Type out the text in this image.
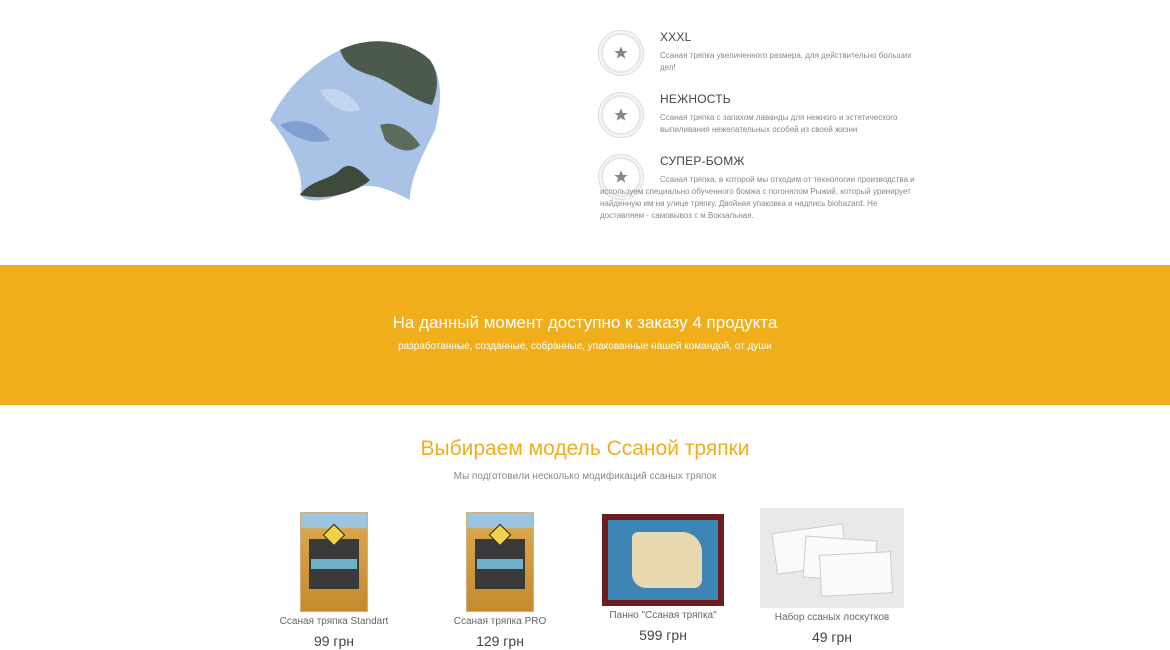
XXXL
Ссаная тряпка увеличенного размера, для действительно больших дел!
НЕЖНОСТЬ
Ссаная тряпка с запахом лаванды для нежного и эстетического выпиливания нежелательных особей из своей жизни
СУПЕР-БОМЖ
Ссаная тряпка, в которой мы отходим от технологии производства и используем специально обученного бомжа с погонялом Рыжий, который уринирует найденную им на улице тряпку. Двойная упаковка и надпись biohazard. Не доставляем - самовывоз с м.Вокзальная.
На данный момент доступно к заказу 4 продукта
разработанные, созданные, собранные, упакованные нашей командой, от души
Выбираем модель Ссаной тряпки
Мы подготовили несколько модификаций ссаных тряпок
Ссаная тряпка Standart
99 грн
Ссаная тряпка PRO
129 грн
Панно "Ссаная тряпка"
599 грн
Набор ссаных лоскутков
49 грн
